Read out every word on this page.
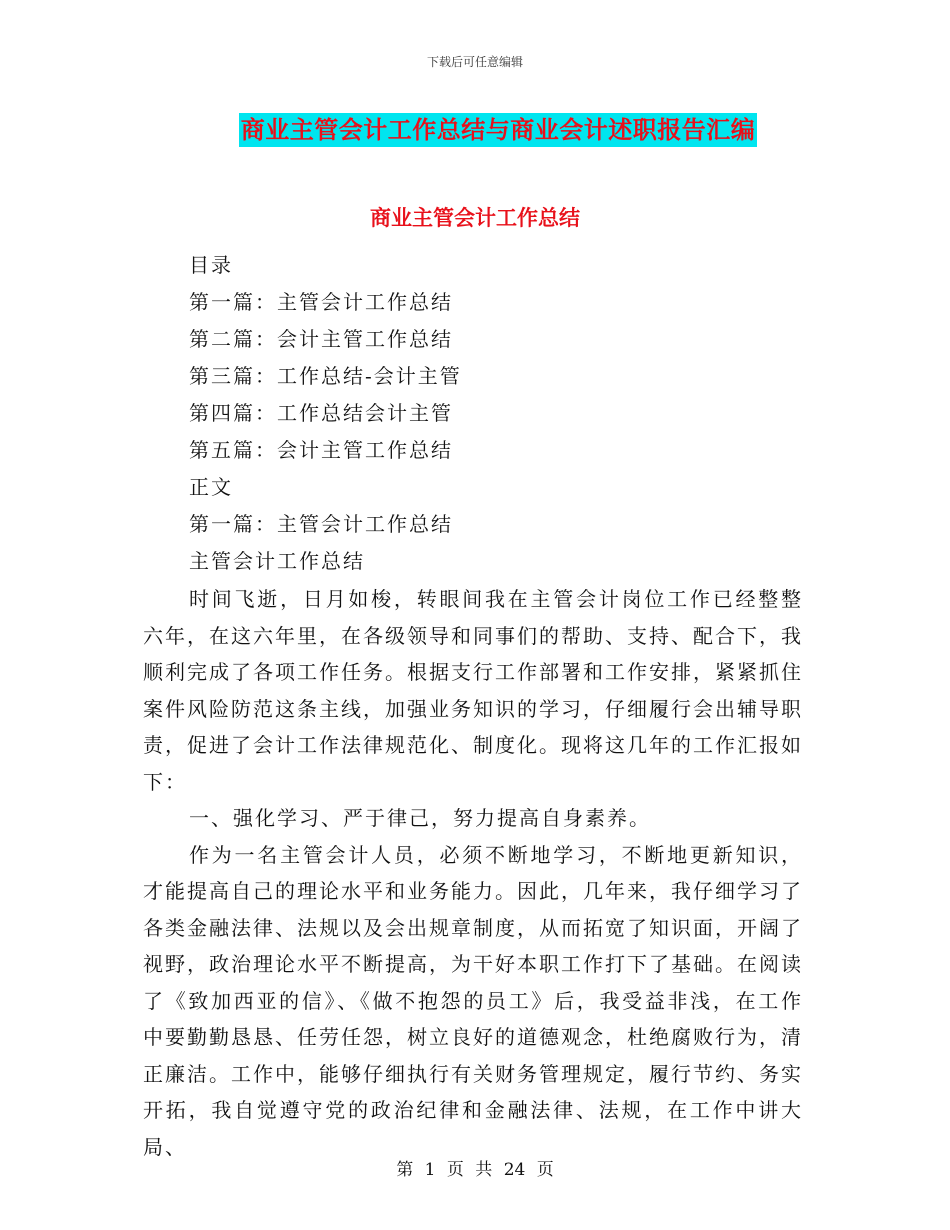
下载后可任意编辑
商业主管会计工作总结与商业会计述职报告汇编
商业主管会计工作总结
目录
第一篇：主管会计工作总结
第二篇：会计主管工作总结
第三篇：工作总结-会计主管
第四篇：工作总结会计主管
第五篇：会计主管工作总结
正文
第一篇：主管会计工作总结
主管会计工作总结

时间飞逝，日月如梭，转眼间我在主管会计岗位工作已经整整六年，在这六年里，在各级领导和同事们的帮助、支持、配合下，我顺利完成了各项工作任务。根据支行工作部署和工作安排，紧紧抓住案件风险防范这条主线，加强业务知识的学习，仔细履行会出辅导职责，促进了会计工作法律规范化、制度化。现将这几年的工作汇报如下：

一、强化学习、严于律己，努力提高自身素养。

作为一名主管会计人员，必须不断地学习，不断地更新知识，才能提高自己的理论水平和业务能力。因此，几年来，我仔细学习了各类金融法律、法规以及会出规章制度，从而拓宽了知识面，开阔了视野，政治理论水平不断提高，为干好本职工作打下了基础。在阅读了《致加西亚的信》、《做不抱怨的员工》后，我受益非浅，在工作中要勤勤恳恳、任劳任怨，树立良好的道德观念，杜绝腐败行为，清正廉洁。工作中，能够仔细执行有关财务管理规定，履行节约、务实开拓，我自觉遵守党的政治纪律和金融法律、法规，在工作中讲大局、

第 1 页 共 24 页
